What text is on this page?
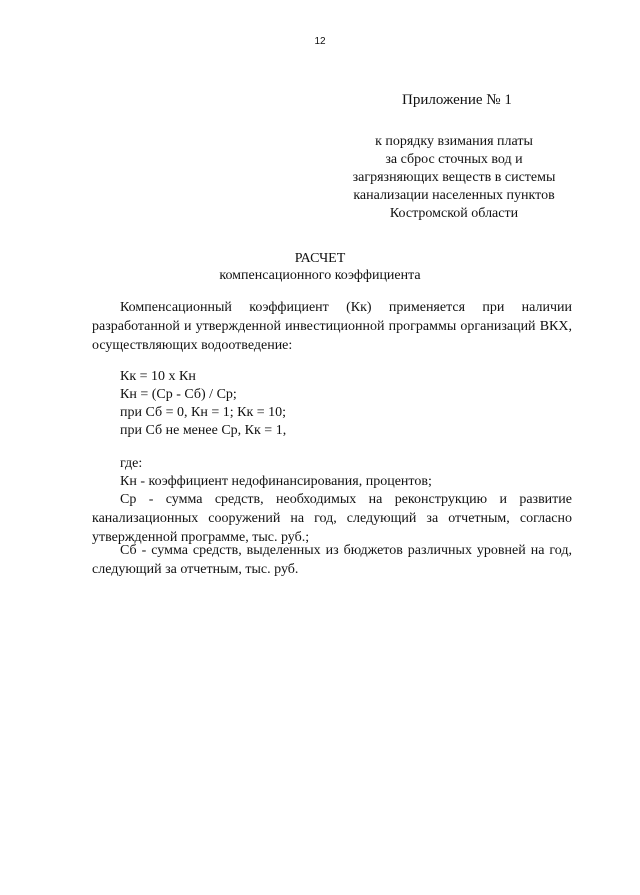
12
Приложение № 1
к порядку взимания платы
за сброс сточных вод и
загрязняющих веществ в системы
канализации населенных пунктов
Костромской области
РАСЧЕТ
компенсационного коэффициента
Компенсационный коэффициент (Кк) применяется при наличии разработанной и утвержденной инвестиционной программы организаций ВКХ, осуществляющих водоотведение:
Кк = 10 х Кн
Кн = (Ср - Сб) / Ср;
при Сб = 0, Кн = 1; Кк = 10;
при Сб не менее Ср, Кк = 1,
где:
Кн - коэффициент недофинансирования, процентов;
Ср - сумма средств, необходимых на реконструкцию и развитие канализационных сооружений на год, следующий за отчетным, согласно утвержденной программе, тыс. руб.;
Сб - сумма средств, выделенных из бюджетов различных уровней на год, следующий за отчетным, тыс. руб.
